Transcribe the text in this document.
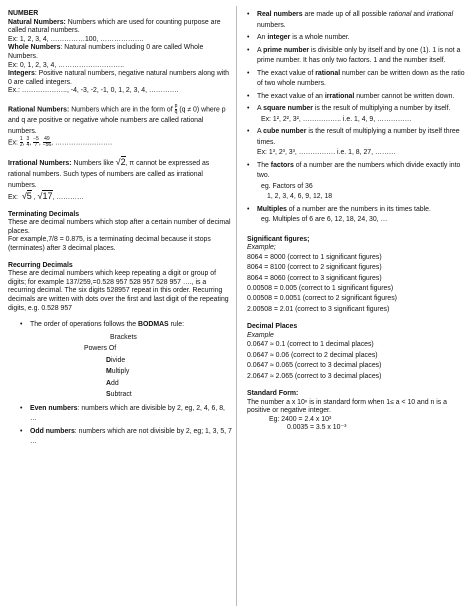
NUMBER

Natural Numbers: Numbers which are used for counting purpose are called natural numbers.

Ex: 1, 2, 3, 4, ……………100, ……………….

Whole Numbers: Natural numbers including 0 are called Whole Numbers.

Ex: 0, 1, 2, 3, 4, ………………………..

Integers: Positive natural numbers, negative natural numbers along with 0 are called integers.

Ex.: ……………….., -4, -3, -2, -1, 0, 1, 2, 3, 4, ………….

Rational Numbers: Numbers which are in the form of $\frac{p}{q} (q \ne 0)$ where p and q are positive or negative whole numbers are called rational numbers.

Ex: $\frac{1}{2}$ , $\frac{3}{4}$ , $\frac{-5}{7}$ , $\frac{49}{-56}$ , …………………….

Irrational Numbers: Numbers like √2, π cannot be expressed as rational numbers. Such types of numbers are called as irrational numbers.

Ex: √5 , √17, …………

Terminating Decimals

These are decimal numbers which stop after a certain number of decimal places.

For example,7/8 = 0.875, is a terminating decimal because it stops (terminates) after 3 decimal places.

Recurring Decimals

These are decimal numbers which keep repeating a digit or group of digits; for example 137/259,=0.528 957 528 957 528 957 …., is a recurring decimal. The six digits 528957 repeat in this order. Recurring decimals are written with dots over the first and last digit of the repeating digits, e.g. 0.528 957

•	The order of operations follows the BODMAS rule:
Brackets
Powers Of
Divide
Multiply
Add
Subtract
•	Even numbers: numbers which are divisible by 2, eg, 2, 4, 6, 8, …
•	Odd numbers: numbers which are not divisible by 2, eg; 1, 3, 5, 7 …
•	Real numbers are made up of all possible rational and irrational numbers.
•	An integer is a whole number.
•	A prime number is divisible only by itself and by one (1). 1 is not a prime number. It has only two factors. 1 and the number itself.
•	The exact value of rational number can be written down as the ratio of two whole numbers.
•	The exact value of an irrational number cannot be written down.
•	A square number is the result of multiplying a number by itself.
Ex: 1², 2², 3², …………….. i.e. 1, 4, 9, ……………
•	A cube number is the result of multiplying a number by itself three times.
Ex: 1³, 2³, 3³, ……………. i.e. 1, 8, 27, ………
•	The factors of a number are the numbers which divide exactly into two.
eg. Factors of 36
1, 2, 3, 4, 6, 9, 12, 18
•	Multiples of a number are the numbers in its times table.
eg. Multiples of 6 are 6, 12, 18, 24, 30, …

Significant figures;

Example;

8064 = 8000 (correct to 1 significant figures)

8064 = 8100 (correct to 2 significant figures)

8064 = 8060 (correct to 3 significant figures)

0.00508 = 0.005 (correct to 1 significant figures)

0.00508 = 0.0051 (correct to 2 significant figures)

2.00508 = 2.01 (correct to 3 significant figures)

Decimal Places

Example

0.0647 ≈ 0.1 (correct to 1 decimal places)

0.0647 ≈ 0.06 (correct to 2 decimal places)

0.0647 ≈ 0.065 (correct to 3 decimal places)

2.0647 ≈ 2.065 (correct to 3 decimal places)

Standard Form:

The number a x 10ⁿ is in standard form when 1≤ a < 10 and n is a positive or negative integer.

Eg: 2400 = 2.4 x 10³

0.0035 = 3.5 x 10⁻³
